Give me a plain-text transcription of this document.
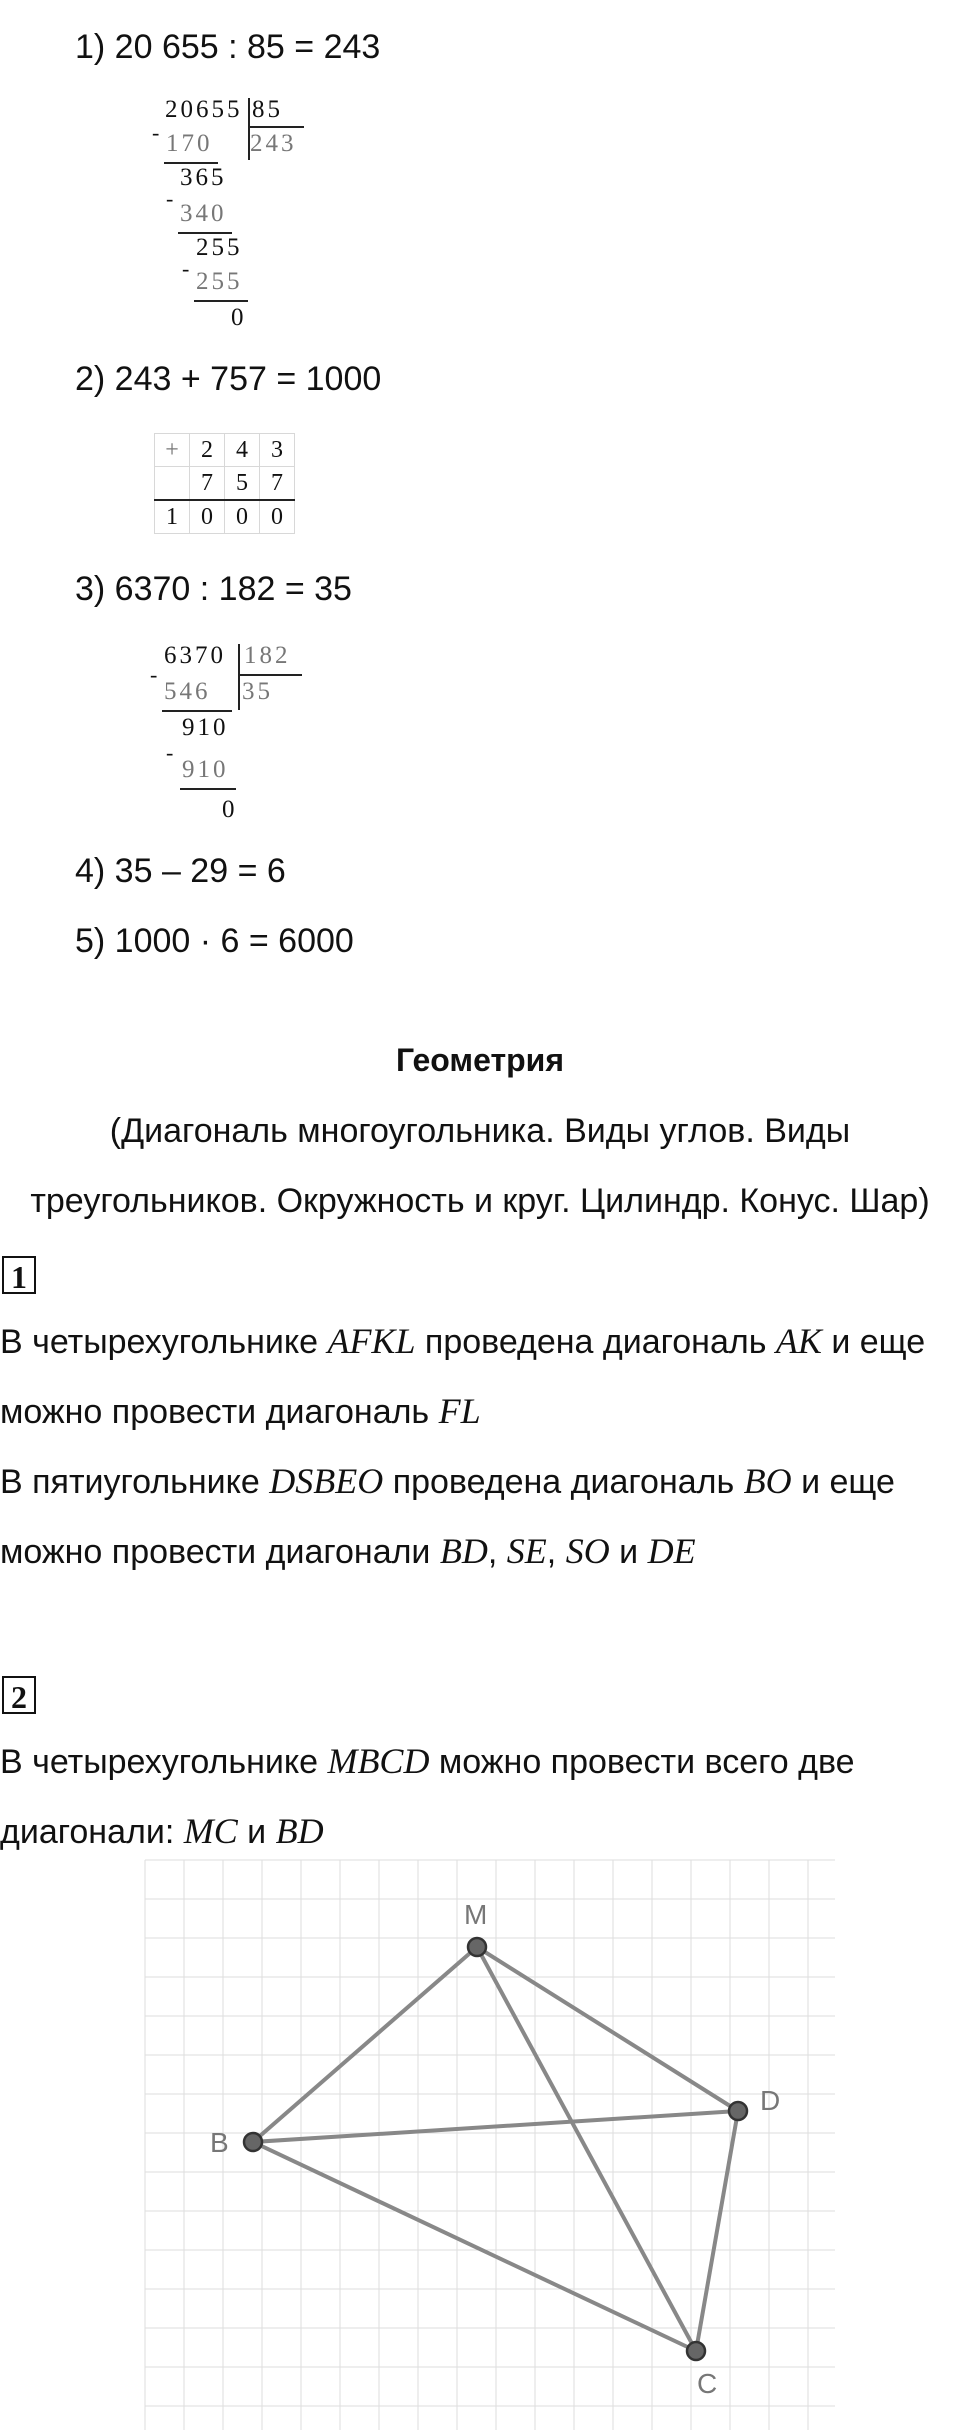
1) 20 655 : 85 = 243
20655 85
243
- 170
365
-
340
255
- 255
0
2) 243 + 757 = 1000
+	2	4	3
	7	5	7
1	0	0	0
3) 6370 : 182 = 35
6370 182
35
-
546
910
-
910
0
4) 35 – 29 = 6
5) 1000 · 6 = 6000
Геометрия
(Диагональ многоугольника. Виды углов. Виды
треугольников. Окружность и круг. Цилиндр. Конус. Шар)
1
В четырехугольнике AFKL проведена диагональ AK и еще
можно провести диагональ FL
В пятиугольнике DSBEO проведена диагональ BO и еще
можно провести диагонали BD, SE, SO и DE
2
В четырехугольнике MBCD можно провести всего две
диагонали: MC и BD
M
B
C
D
